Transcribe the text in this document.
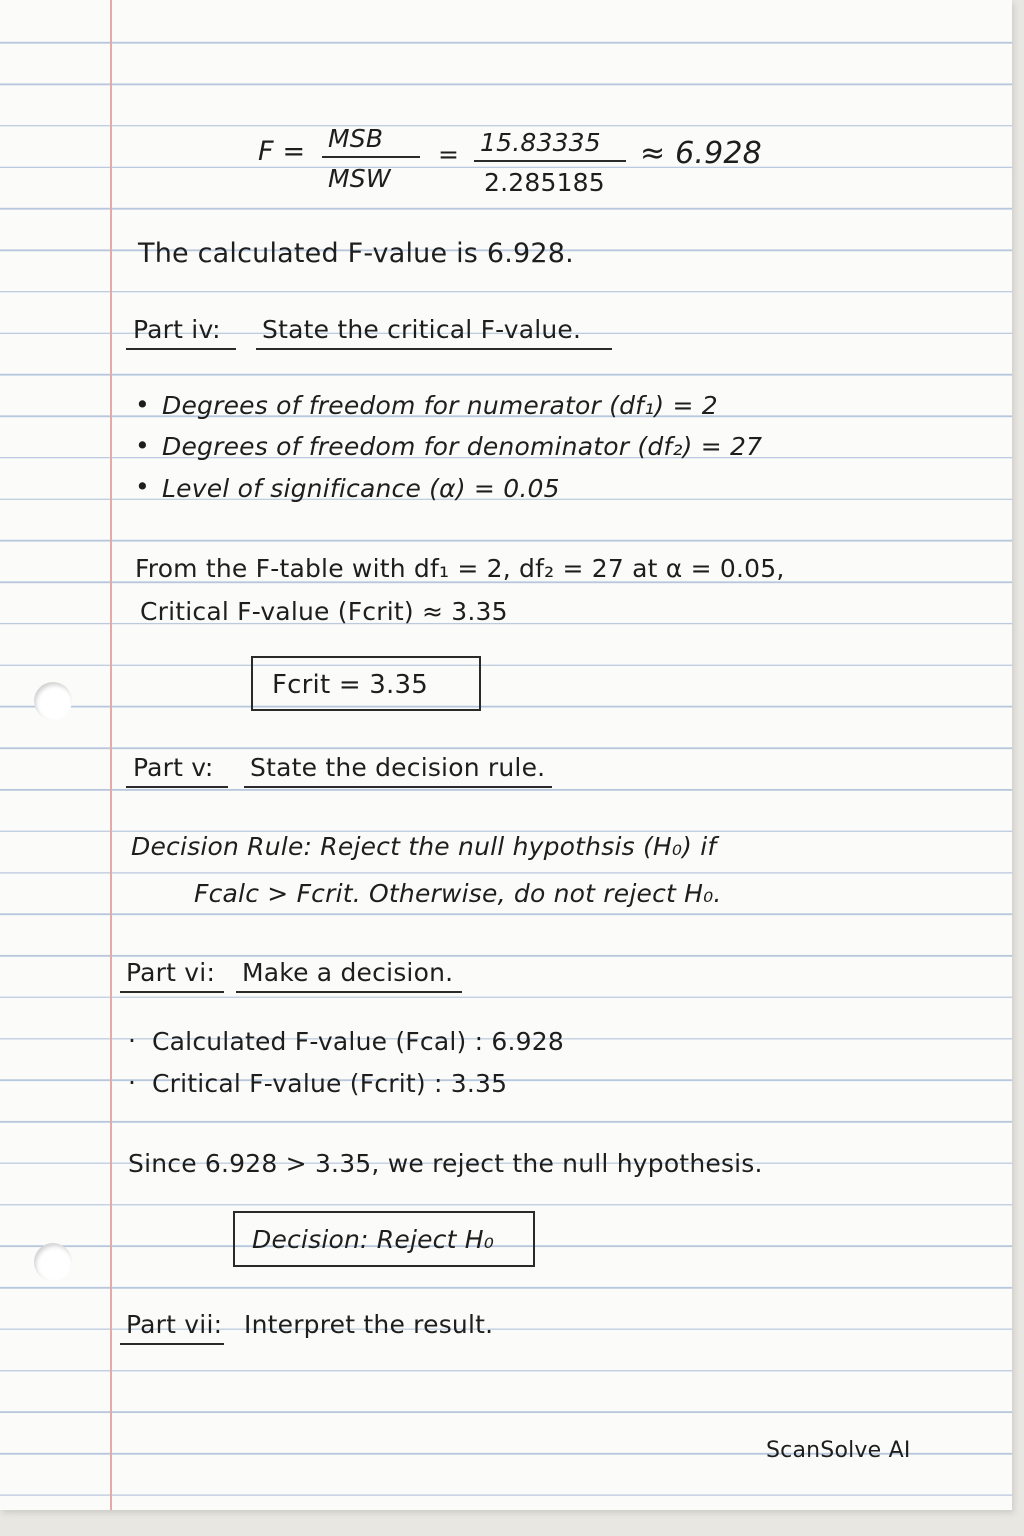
F = MSB
MSW
= 15.83335
2.285185
≈ 6.928
The calculated F-value is 6.928.
Part iv: State the critical F-value.
• Degrees of freedom for numerator (df₁) = 2
• Degrees of freedom for denominator (df₂) = 27
• Level of significance (α) = 0.05
From the F-table with df₁ = 2, df₂ = 27 at α = 0.05,
Critical F-value (Fcrit) ≈ 3.35
Fcrit = 3.35
Part v: State the decision rule.
Decision Rule: Reject the null hypothsis (H₀) if
Fcalc > Fcrit. Otherwise, do not reject H₀.
Part vi: Make a decision.
· Calculated F-value (Fcal) : 6.928
· Critical F-value (Fcrit) : 3.35
Since 6.928 > 3.35, we reject the null hypothesis.
Decision: Reject H₀
Part vii: Interpret the result.
ScanSolve AI
